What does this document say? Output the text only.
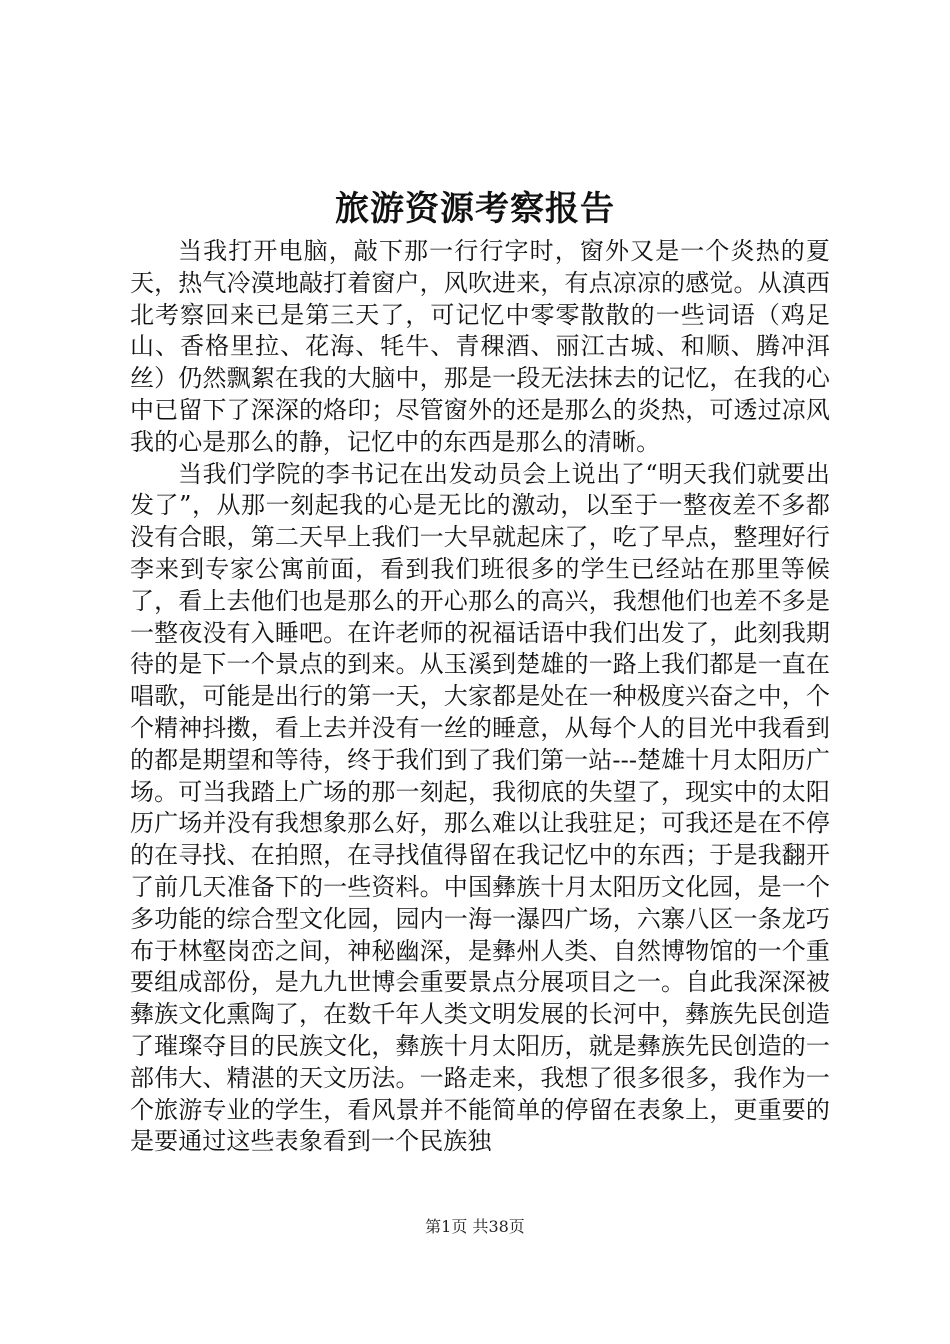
旅游资源考察报告

当我打开电脑，敲下那一行行字时，窗外又是一个炎热的夏天，热气冷漠地敲打着窗户，风吹进来，有点凉凉的感觉。从滇西北考察回来已是第三天了，可记忆中零零散散的一些词语（鸡足山、香格里拉、花海、牦牛、青稞酒、丽江古城、和顺、腾冲洱丝）仍然飘絮在我的大脑中，那是一段无法抹去的记忆，在我的心中已留下了深深的烙印；尽管窗外的还是那么的炎热，可透过凉风我的心是那么的静，记忆中的东西是那么的清晰。

当我们学院的李书记在出发动员会上说出了“明天我们就要出发了”，从那一刻起我的心是无比的激动，以至于一整夜差不多都没有合眼，第二天早上我们一大早就起床了，吃了早点，整理好行李来到专家公寓前面，看到我们班很多的学生已经站在那里等候了，看上去他们也是那么的开心那么的高兴，我想他们也差不多是一整夜没有入睡吧。在许老师的祝福话语中我们出发了，此刻我期待的是下一个景点的到来。从玉溪到楚雄的一路上我们都是一直在唱歌，可能是出行的第一天，大家都是处在一种极度兴奋之中，个个精神抖擞，看上去并没有一丝的睡意，从每个人的目光中我看到的都是期望和等待，终于我们到了我们第一站---楚雄十月太阳历广场。可当我踏上广场的那一刻起，我彻底的失望了，现实中的太阳历广场并没有我想象那么好，那么难以让我驻足；可我还是在不停的在寻找、在拍照，在寻找值得留在我记忆中的东西；于是我翻开了前几天准备下的一些资料。中国彝族十月太阳历文化园，是一个多功能的综合型文化园，园内一海一瀑四广场，六寨八区一条龙巧布于林壑岗峦之间，神秘幽深，是彝州人类、自然博物馆的一个重要组成部份，是九九世博会重要景点分展项目之一。自此我深深被彝族文化熏陶了，在数千年人类文明发展的长河中，彝族先民创造了璀璨夺目的民族文化，彝族十月太阳历，就是彝族先民创造的一部伟大、精湛的天文历法。一路走来，我想了很多很多，我作为一个旅游专业的学生，看风景并不能简单的停留在表象上，更重要的是要通过这些表象看到一个民族独

第1页 共38页
